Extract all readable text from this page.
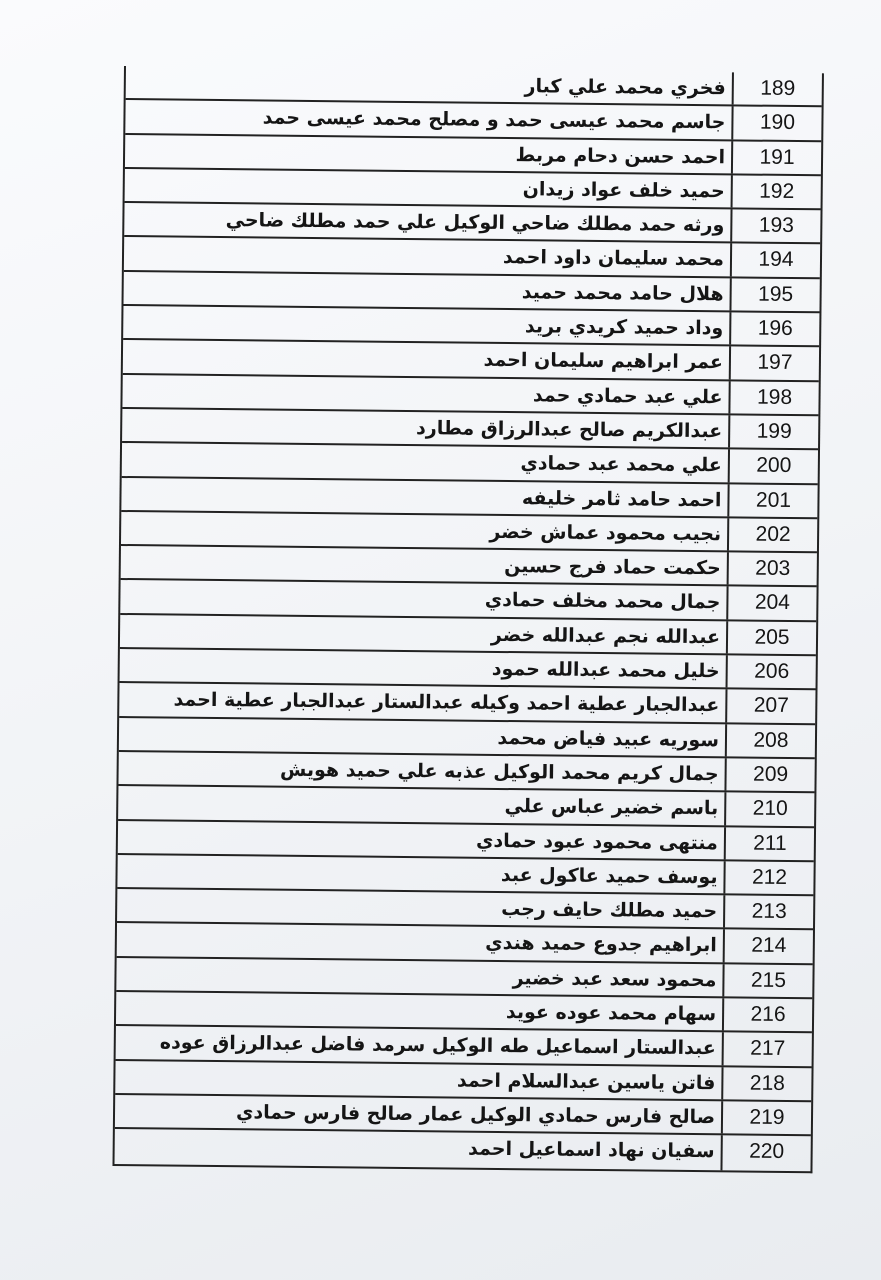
فخري محمد علي كبار	189
جاسم محمد عيسى حمد و مصلح محمد عيسى حمد	190
احمد حسن دحام مربط	191
حميد خلف عواد زيدان	192
ورثه حمد مطلك ضاحي الوكيل علي حمد مطلك ضاحي	193
محمد سليمان داود احمد	194
هلال حامد محمد حميد	195
وداد حميد كريدي بريد	196
عمر ابراهيم سليمان احمد	197
علي عبد حمادي حمد	198
عبدالكريم صالح عبدالرزاق مطارد	199
علي محمد عبد حمادي	200
احمد حامد ثامر خليفه	201
نجيب محمود عماش خضر	202
حكمت حماد فرج حسين	203
جمال محمد مخلف حمادي	204
عبدالله نجم عبدالله خضر	205
خليل محمد عبدالله حمود	206
عبدالجبار عطية احمد وكيله عبدالستار عبدالجبار عطية احمد	207
سوريه عبيد فياض محمد	208
جمال كريم محمد الوكيل عذبه علي حميد هويش	209
باسم خضير عباس علي	210
منتهى محمود عبود حمادي	211
يوسف حميد عاكول عبد	212
حميد مطلك حايف رجب	213
ابراهيم جدوع حميد هندي	214
محمود سعد عبد خضير	215
سهام محمد عوده عويد	216
عبدالستار اسماعيل طه الوكيل سرمد فاضل عبدالرزاق عوده	217
فاتن ياسين عبدالسلام احمد	218
صالح فارس حمادي الوكيل عمار صالح فارس حمادي	219
سفيان نهاد اسماعيل احمد	220
